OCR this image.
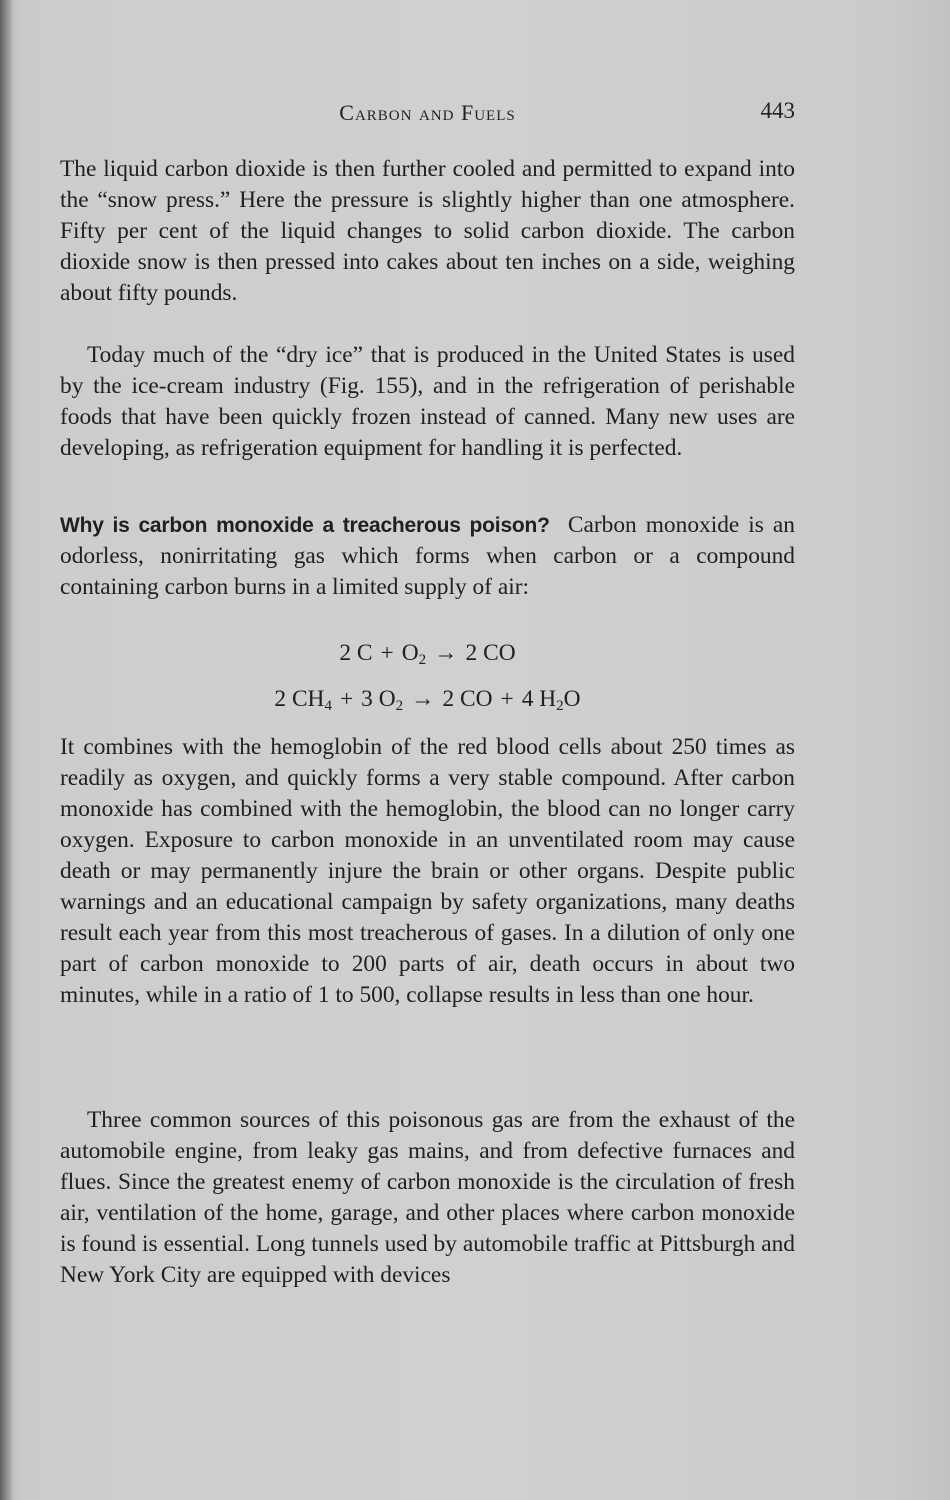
Carbon and Fuels	443

The liquid carbon dioxide is then further cooled and permitted to expand into the “snow press.” Here the pressure is slightly higher than one atmosphere. Fifty per cent of the liquid changes to solid carbon dioxide. The carbon dioxide snow is then pressed into cakes about ten inches on a side, weighing about fifty pounds.

Today much of the “dry ice” that is produced in the United States is used by the ice-cream industry (Fig. 155), and in the refrigeration of perishable foods that have been quickly frozen instead of canned. Many new uses are developing, as refrigeration equipment for handling it is perfected.

Why is carbon monoxide a treacherous poison? Carbon monoxide is an odorless, nonirritating gas which forms when carbon or a compound containing carbon burns in a limited supply of air:

2 $C + O_2 \to 2$ CO
2 $CH_4 + 3$ $O_2 \to 2$ CO + 4 $H_2O$

It combines with the hemoglobin of the red blood cells about 250 times as readily as oxygen, and quickly forms a very stable compound. After carbon monoxide has combined with the hemoglobin, the blood can no longer carry oxygen. Exposure to carbon monoxide in an unventilated room may cause death or may permanently injure the brain or other organs. Despite public warnings and an educational campaign by safety organizations, many deaths result each year from this most treacherous of gases. In a dilution of only one part of carbon monoxide to 200 parts of air, death occurs in about two minutes, while in a ratio of 1 to 500, collapse results in less than one hour.

Three common sources of this poisonous gas are from the exhaust of the automobile engine, from leaky gas mains, and from defective furnaces and flues. Since the greatest enemy of carbon monoxide is the circulation of fresh air, ventilation of the home, garage, and other places where carbon monoxide is found is essential. Long tunnels used by automobile traffic at Pittsburgh and New York City are equipped with devices
